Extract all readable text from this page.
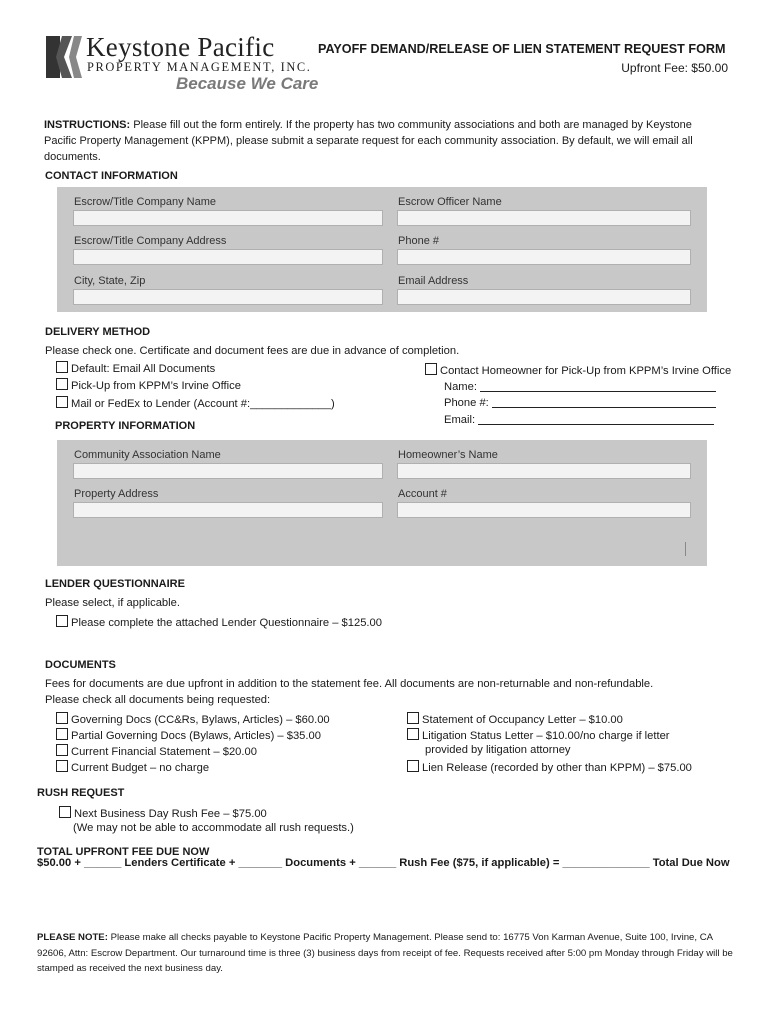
Keystone Pacific
PROPERTY MANAGEMENT, INC.
Because We Care
PAYOFF DEMAND/RELEASE OF LIEN STATEMENT REQUEST FORM
Upfront Fee: $50.00
INSTRUCTIONS: Please fill out the form entirely. If the property has two community associations and both are managed by Keystone Pacific Property Management (KPPM), please submit a separate request for each community association. By default, we will email all documents.
CONTACT INFORMATION
Escrow/Title Company Name
Escrow/Title Company Address
City, State, Zip
Escrow Officer Name
Phone #
Email Address
DELIVERY METHOD
Please check one. Certificate and document fees are due in advance of completion.
Default: Email All Documents
Pick-Up from KPPM’s Irvine Office
Mail or FedEx to Lender (Account #:_____________)
Contact Homeowner for Pick-Up from KPPM’s Irvine Office
Name:
Phone #:
Email:
PROPERTY INFORMATION
Community Association Name
Property Address
Homeowner’s Name
Account #
LENDER QUESTIONNAIRE
Please select, if applicable.
Please complete the attached Lender Questionnaire – $125.00
DOCUMENTS
Fees for documents are due upfront in addition to the statement fee. All documents are non-returnable and non-refundable.
Please check all documents being requested:
Governing Docs (CC&Rs, Bylaws, Articles) – $60.00
Partial Governing Docs (Bylaws, Articles) – $35.00
Current Financial Statement – $20.00
Current Budget – no charge
Statement of Occupancy Letter – $10.00
Litigation Status Letter – $10.00/no charge if letter
provided by litigation attorney
Lien Release (recorded by other than KPPM) – $75.00
RUSH REQUEST
Next Business Day Rush Fee – $75.00
(We may not be able to accommodate all rush requests.)
TOTAL UPFRONT FEE DUE NOW
$50.00 + ______ Lenders Certificate + _______ Documents + ______ Rush Fee ($75, if applicable) = ______________ Total Due Now
PLEASE NOTE: Please make all checks payable to Keystone Pacific Property Management. Please send to: 16775 Von Karman Avenue, Suite 100, Irvine, CA 92606, Attn: Escrow Department. Our turnaround time is three (3) business days from receipt of fee. Requests received after 5:00 pm Monday through Friday will be stamped as received the next business day.
